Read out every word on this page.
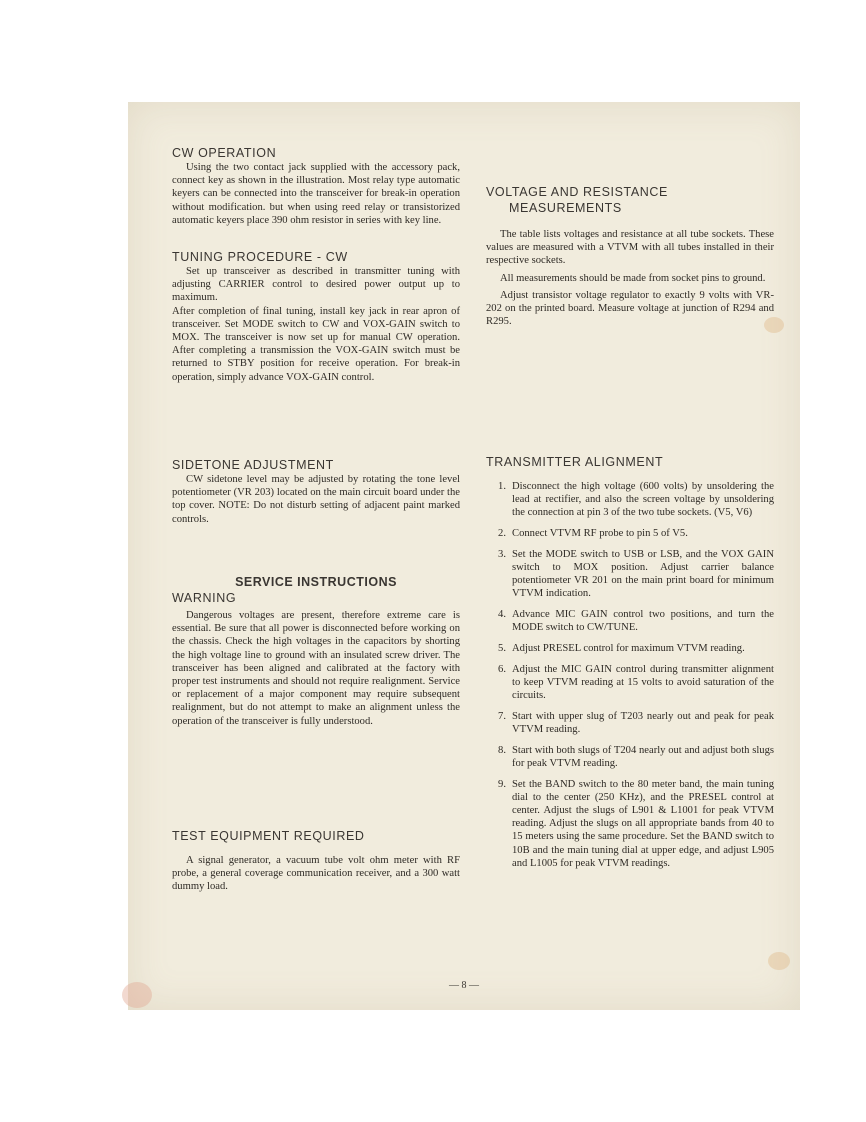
CW OPERATION

Using the two contact jack supplied with the accessory pack, connect key as shown in the illustration. Most relay type automatic keyers can be connected into the transceiver for break-in operation without modification. but when using reed relay or transistorized automatic keyers place 390 ohm resistor in series with key line.

TUNING PROCEDURE - CW

Set up transceiver as described in transmitter tuning with adjusting CARRIER control to desired power output up to maximum.

After completion of final tuning, install key jack in rear apron of transceiver. Set MODE switch to CW and VOX-GAIN switch to MOX. The transceiver is now set up for manual CW operation. After completing a transmission the VOX-GAIN switch must be returned to STBY position for receive operation. For break-in operation, simply advance VOX-GAIN control.

SIDETONE ADJUSTMENT

CW sidetone level may be adjusted by rotating the tone level potentiometer (VR 203) located on the main circuit board under the top cover. NOTE: Do not disturb setting of adjacent paint marked controls.

SERVICE INSTRUCTIONS
WARNING

Dangerous voltages are present, therefore extreme care is essential. Be sure that all power is disconnected before working on the chassis. Check the high voltages in the capacitors by shorting the high voltage line to ground with an insulated screw driver. The transceiver has been aligned and calibrated at the factory with proper test instruments and should not require realignment. Service or replacement of a major component may require subsequent realignment, but do not attempt to make an alignment unless the operation of the transceiver is fully understood.

TEST EQUIPMENT REQUIRED

A signal generator, a vacuum tube volt ohm meter with RF probe, a general coverage communication receiver, and a 300 watt dummy load.

VOLTAGE AND RESISTANCE
MEASUREMENTS

The table lists voltages and resistance at all tube sockets. These values are measured with a VTVM with all tubes installed in their respective sockets.

All measurements should be made from socket pins to ground.

Adjust transistor voltage regulator to exactly 9 volts with VR-202 on the printed board. Measure voltage at junction of R294 and R295.

TRANSMITTER ALIGNMENT
1. Disconnect the high voltage (600 volts) by unsoldering the lead at rectifier, and also the screen voltage by unsoldering the connection at pin 3 of the two tube sockets. (V5, V6)
2. Connect VTVM RF probe to pin 5 of V5.
3. Set the MODE switch to USB or LSB, and the VOX GAIN switch to MOX position. Adjust carrier balance potentiometer VR 201 on the main print board for minimum VTVM indication.
4. Advance MIC GAIN control two positions, and turn the MODE switch to CW/TUNE.
5. Adjust PRESEL control for maximum VTVM reading.
6. Adjust the MIC GAIN control during transmitter alignment to keep VTVM reading at 15 volts to avoid saturation of the circuits.
7. Start with upper slug of T203 nearly out and peak for peak VTVM reading.
8. Start with both slugs of T204 nearly out and adjust both slugs for peak VTVM reading.
9. Set the BAND switch to the 80 meter band, the main tuning dial to the center (250 KHz), and the PRESEL control at center. Adjust the slugs of L901 & L1001 for peak VTVM reading. Adjust the slugs on all appropriate bands from 40 to 15 meters using the same procedure. Set the BAND switch to 10B and the main tuning dial at upper edge, and adjust L905 and L1005 for peak VTVM readings.
— 8 —
